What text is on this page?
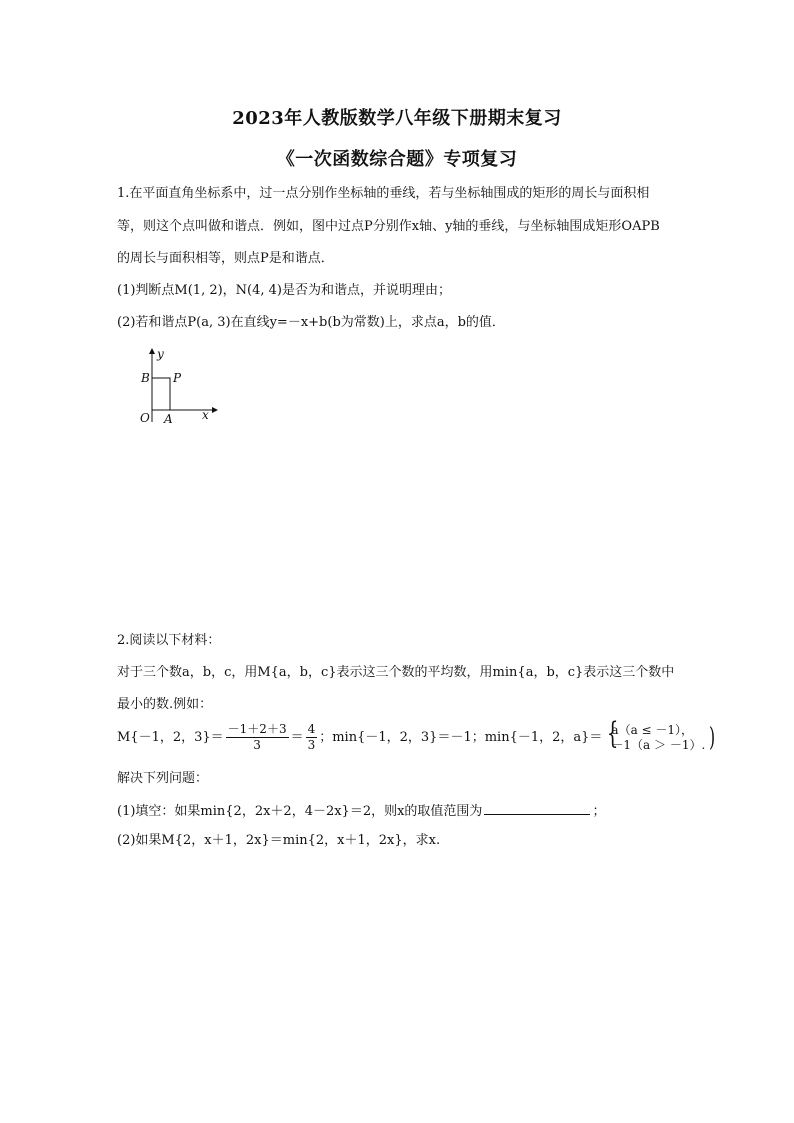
2023年人教版数学八年级下册期末复习
《一次函数综合题》专项复习
1.在平面直角坐标系中，过一点分别作坐标轴的垂线，若与坐标轴围成的矩形的周长与面积相
等，则这个点叫做和谐点．例如，图中过点P分别作x轴、y轴的垂线，与坐标轴围成矩形OAPB
的周长与面积相等，则点P是和谐点．
(1)判断点M(1, 2)，N(4, 4)是否为和谐点，并说明理由；
(2)若和谐点P(a, 3)在直线y=－x+b(b为常数)上，求点a，b的值．
y
x
O A
B P
2.阅读以下材料：
对于三个数a，b，c，用M{a，b，c}表示这三个数的平均数，用min{a，b，c}表示这三个数中
最小的数.例如：
M{－1，2，$3\}= \frac{-1+2+3}{3} = \frac{4}{3}$ ；min{－1，2，3}＝－1；min{－1，2，a}＝ {
a（a ≤ －1），
－1（a ＞ －1）. )
解决下列问题：
(1)填空：如果min{2，2x＋2，4－2x}＝2，则x的取值范围为	；
(2)如果M{2，x＋1，2x}＝min{2，x＋1，2x}，求x.
